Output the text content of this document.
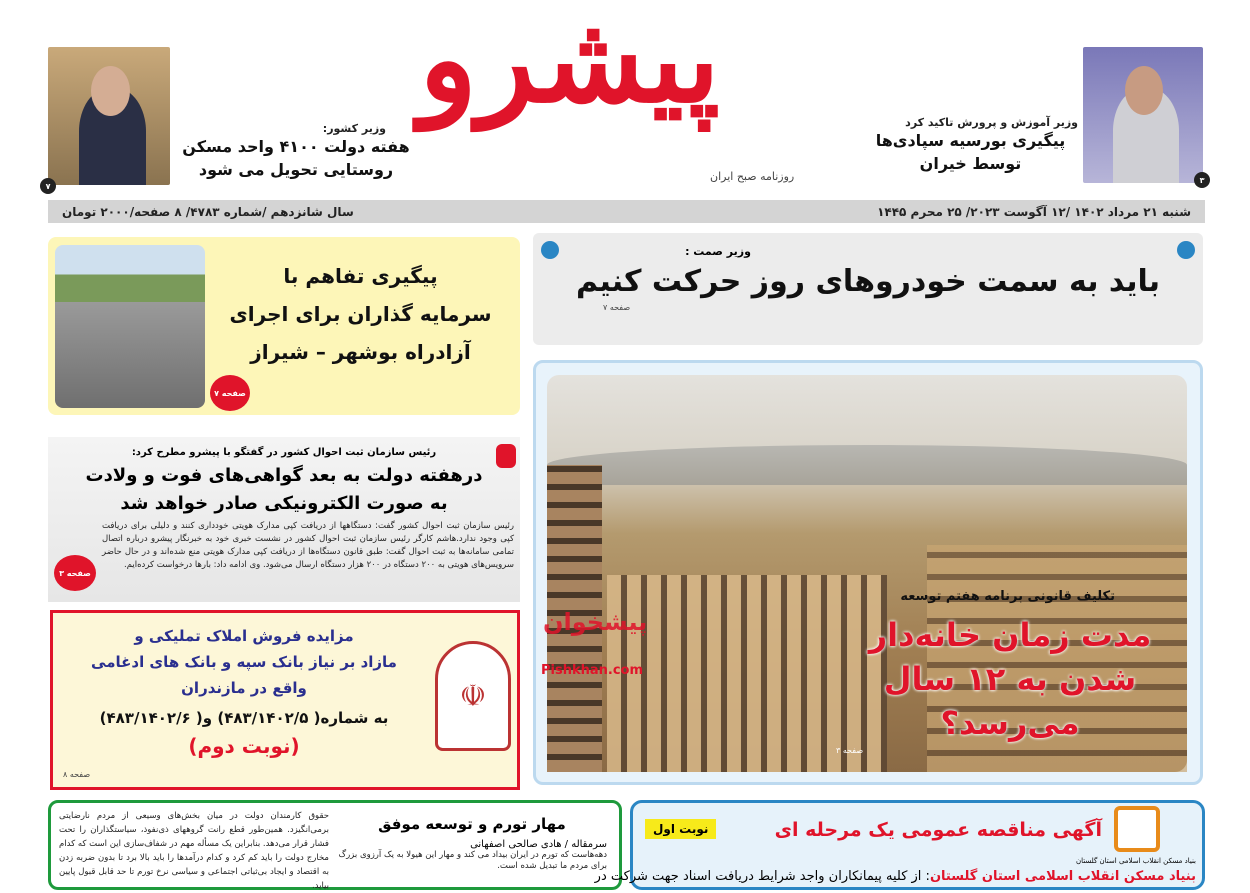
پیشرو
روزنامه صبح ایران	۳
وزیر آموزش و پرورش تاکید کرد
پیگیری بورسیه سپادی‌ها
توسط خیران
۷
وزیر کشور:
هفته دولت ۴۱۰۰ واحد مسکن
روستایی تحویل می شود
شنبه ۲۱ مرداد ۱۴۰۲ /۱۲ آگوست ۲۰۲۳/ ۲۵ محرم ۱۴۴۵
سال شانزدهم /شماره ۴۷۸۳/ ۸ صفحه/۲۰۰۰ تومان
وزیر صمت :
باید به سمت خودروهای روز حرکت کنیم
صفحه ۷
پیگیری تفاهم با
سرمایه گذاران برای اجرای
آزادراه بوشهر – شیراز
صفحه ۷
رئیس سازمان ثبت احوال کشور در گفتگو با پیشرو مطرح کرد:
درهفته دولت به بعد گواهی‌های فوت و ولادت
به صورت الکترونیکی صادر خواهد شد
رئیس سازمان ثبت احوال کشور گفت: دستگاهها از دریافت کپی مدارک هویتی خودداری کنند و دلیلی برای دریافت کپی وجود ندارد.هاشم کارگر رئیس سازمان ثبت احوال کشور در نشست خبری خود به خبرنگار پیشرو درباره اتصال تمامی سامانه‌ها به ثبت احوال گفت: طبق قانون دستگاه‌ها از دریافت کپی مدارک هویتی منع شده‌اند و در حال حاضر سرویس‌های هویتی به ۲۰۰ دستگاه در ۲۰۰ هزار دستگاه ارسال می‌شود. وی ادامه داد: بارها درخواست کرده‌ایم.
صفحه ۳
☫
مزایده فروش املاک تملیکی و
مازاد بر نیاز بانک سپه و بانک های ادغامی
واقع در مازندران
به شماره( ۴۸۳/۱۴۰۲/۵) و( ۴۸۳/۱۴۰۲/۶)
(نوبت دوم)
صفحه ۸
پیشخوان
Pishkhan.com
تکلیف قانونی برنامه هفتم توسعه
مدت زمان خانه‌دار
شدن به ۱۲ سال
می‌رسد؟
صفحه ۳
مهار تورم و توسعه موفق
سرمقاله / هادی صالحی اصفهانی
دهه‌هاست که تورم در ایران بیداد می کند و مهار این هیولا به یک آرزوی بزرگ برای مردم ما تبدیل شده است.
حقوق کارمندان دولت در میان بخش‌های وسیعی از مردم نارضایتی برمی‌انگیزد. همین‌طور قطع رانت گروههای ذی‌نفوذ، سیاستگذاران را تحت فشار قرار می‌دهد. بنابراین یک مسأله مهم در شفاف‌سازی این است که کدام مخارج دولت را باید کم کرد و کدام درآمدها را باید بالا برد تا بدون ضربه زدن به اقتصاد و ایجاد بی‌ثباتی اجتماعی و سیاسی نرخ تورم تا حد قابل قبول پایین بیاید.
آگهی مناقصه عمومی یک مرحله ای
نوبت اول
بنیاد مسکن انقلاب اسلامی استان گلستان
بنیاد مسکن انقلاب اسلامی استان گلستان: از کلیه پیمانکاران واجد شرایط دریافت اسناد جهت شرکت در
